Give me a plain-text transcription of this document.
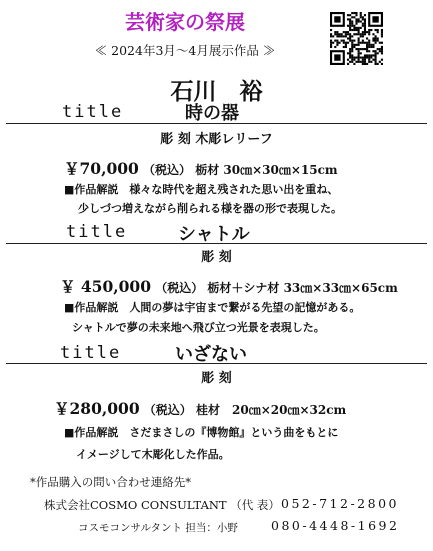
芸術家の祭展
≪ 2024年3月～4月展示作品 ≫
石川　裕
title	時の器
彫 刻 木彫レリーフ
￥70,000 （税込） 栃材 30㎝×30㎝×15cm
■作品解説　様々な時代を超え残された思い出を重ね、
少しづつ増えながら削られる様を器の形で表現した。
title	シャトル
彫 刻
￥ 450,000 （税込） 栃材＋シナ材 33㎝×33㎝×65cm
■作品解説　人間の夢は宇宙まで繋がる先望の記憶がある。
シャトルで夢の未来地へ飛び立つ光景を表現した。
title	いざない
彫 刻
￥280,000 （税込） 桂材　20㎝×20㎝×32cm
■作品解説　さだまさしの『博物館』という曲をもとに
イメージして木彫化した作品。
*作品購入の問い合わせ連絡先*
株式会社COSMO CONSULTANT （代 表） 052-712-2800
コスモコンサルタント 担当：小野	080-4448-1692
